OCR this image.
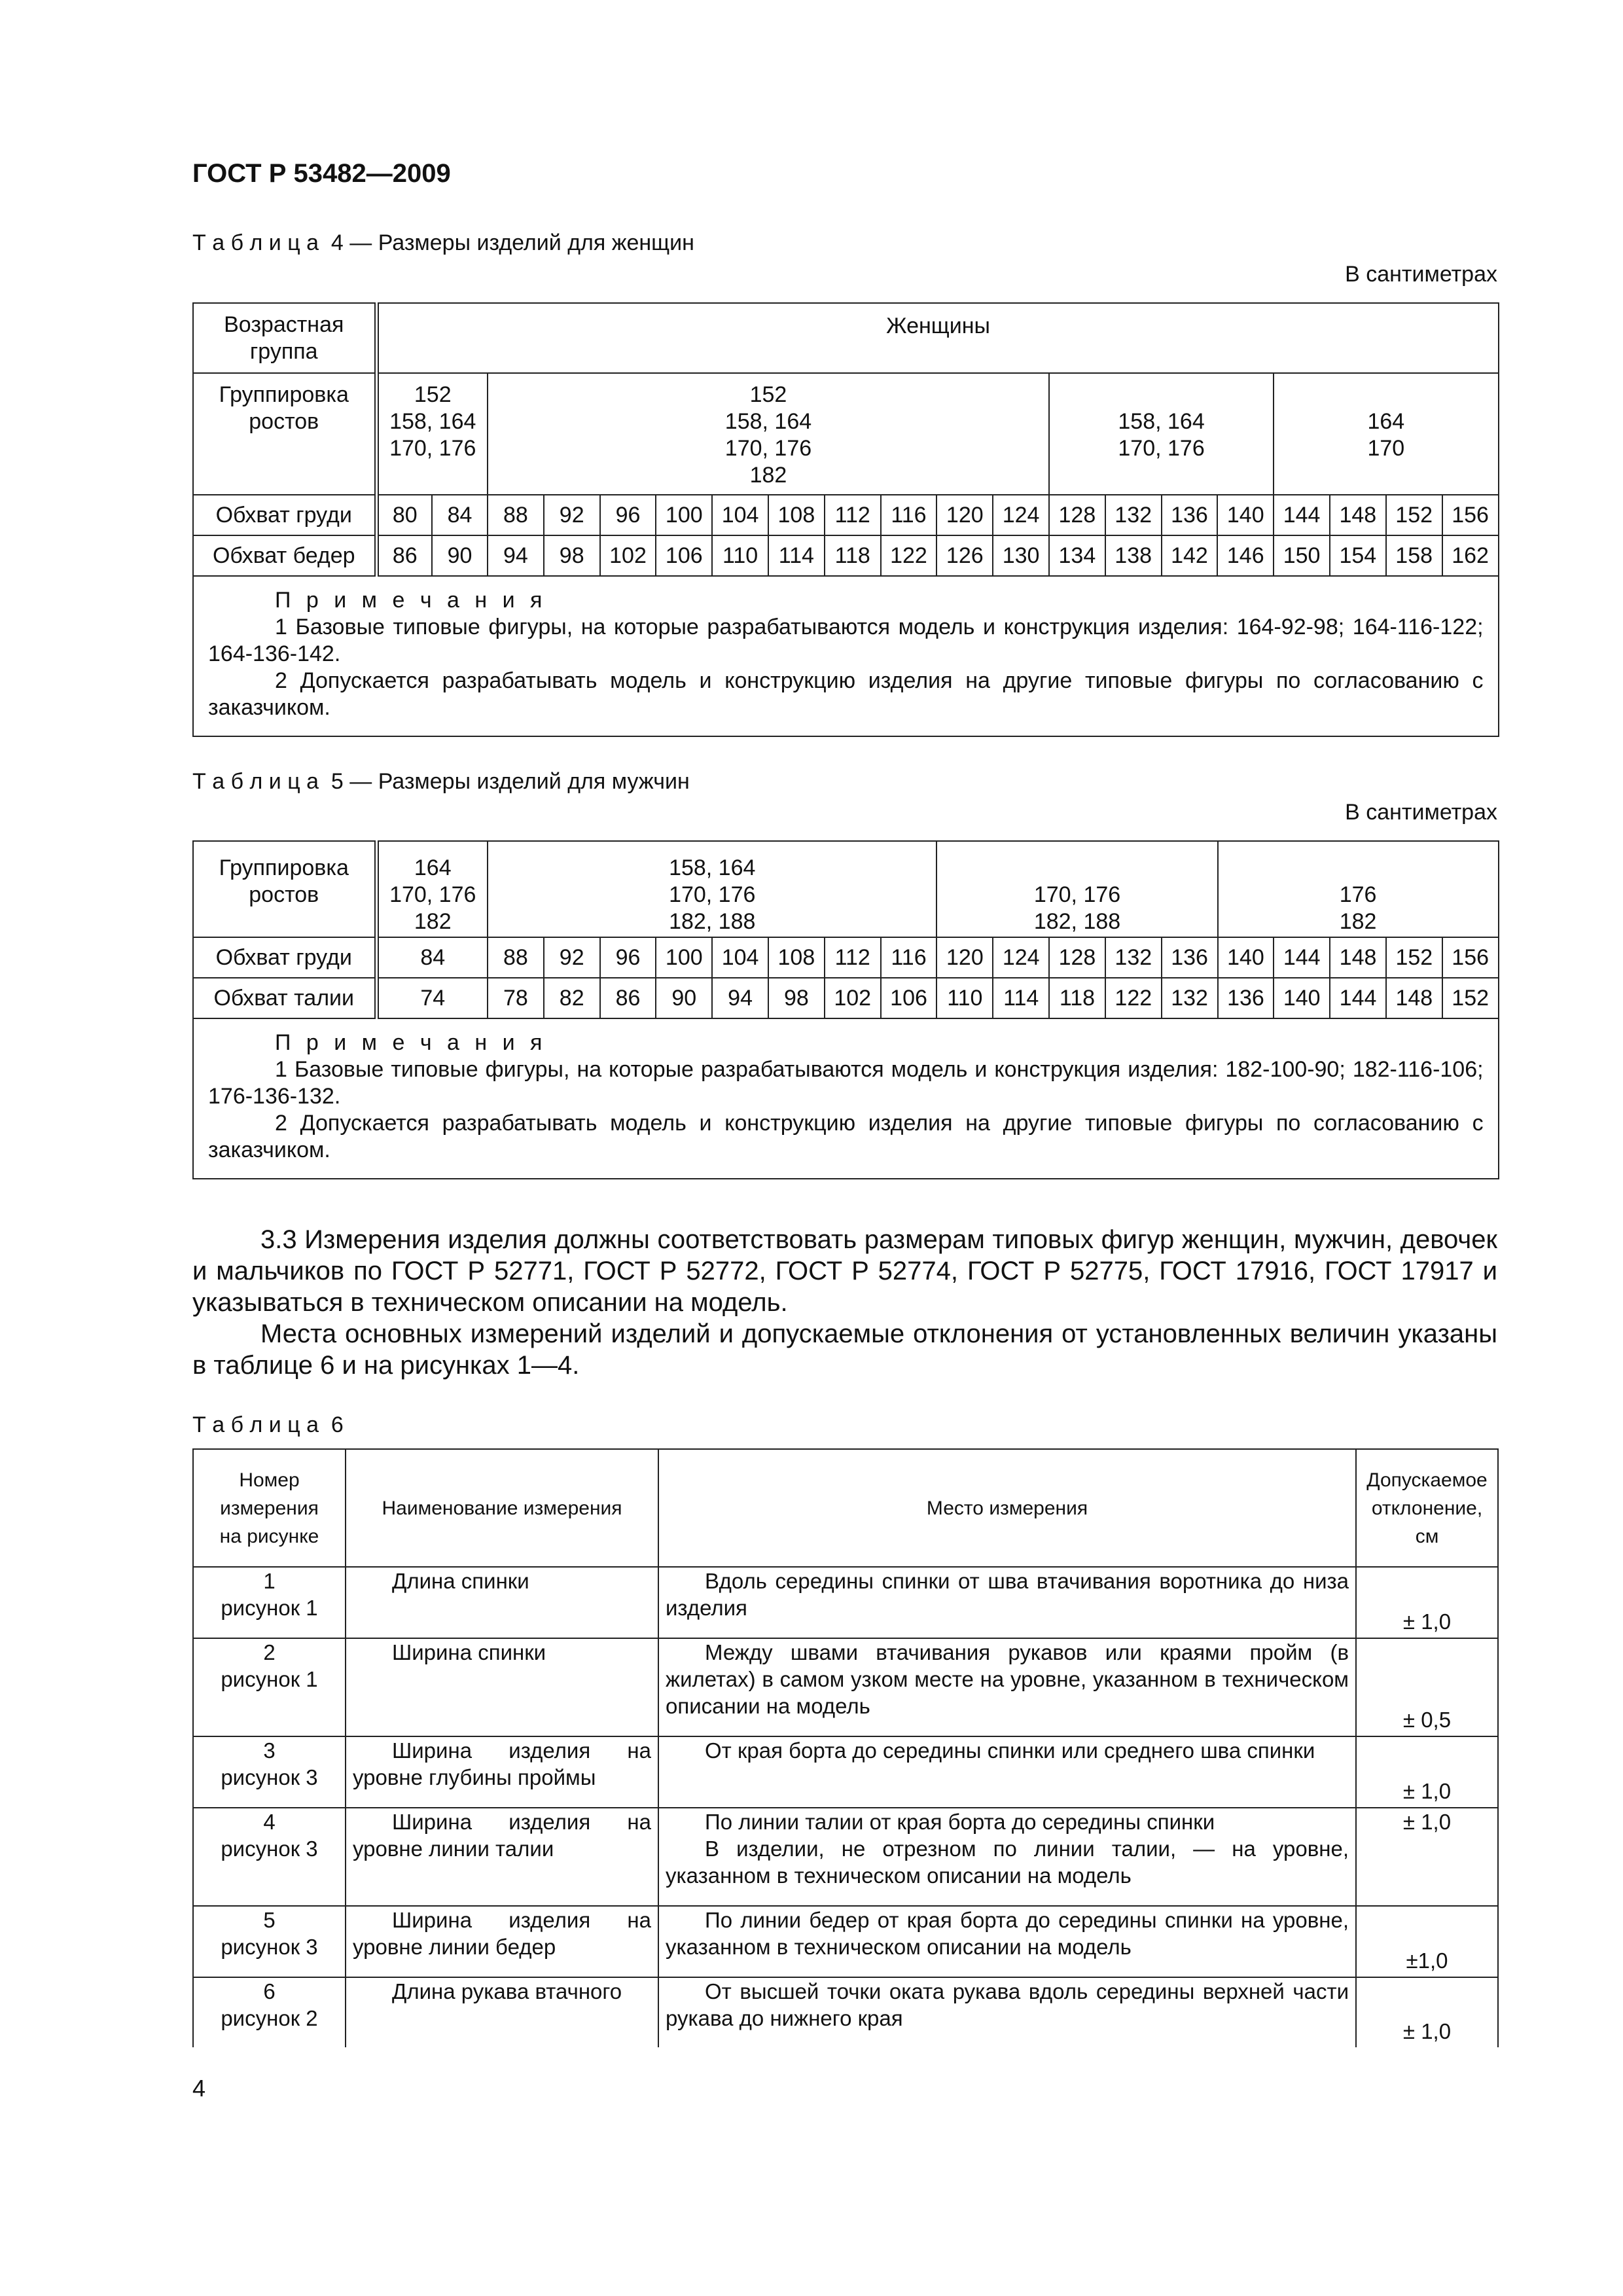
ГОСТ Р 53482—2009
Т а б л и ц а  4 — Размеры изделий для женщин
В сантиметрах
Возрастная группа	Женщины																			
Группировка ростов	152
158, 164
170, 176		152
158, 164
170, 176
182										158, 164
170, 176				164
170			

Обхват груди	80	84	88	92	96	100	104	108	112	116	120	124	128	132	136	140	144	148	152	156
Обхват бедер	86	90	94	98	102	106	110	114	118	122	126	130	134	138	142	146	150	154	158	162

П р и м е ч а н и я
1 Базовые типовые фигуры, на которые разрабатываются модель и конструкция изделия: 164-92-98; 164-116-122; 164-136-142.
2 Допускается разрабатывать модель и конструкцию изделия на другие типовые фигуры по согласованию с заказчиком.																				
Т а б л и ц а  5 — Размеры изделий для мужчин
В сантиметрах
Группировка ростов	164
170, 176
182	158, 164
170, 176
182, 188								170, 176
182, 188					176
182				

Обхват груди	84	88	92	96	100	104	108	112	116	120	124	128	132	136	140	144	148	152	156
Обхват талии	74	78	82	86	90	94	98	102	106	110	114	118	122	132	136	140	144	148	152

П р и м е ч а н и я
1 Базовые типовые фигуры, на которые разрабатываются модель и конструкция изделия: 182-100-90; 182-116-106; 176-136-132.
2 Допускается разрабатывать модель и конструкцию изделия на другие типовые фигуры по согласованию с заказчиком.																			

3.3 Измерения изделия должны соответствовать размерам типовых фигур женщин, мужчин, девочек и мальчиков по ГОСТ Р 52771, ГОСТ Р 52772, ГОСТ Р 52774, ГОСТ Р 52775, ГОСТ 17916, ГОСТ 17917 и указываться в техническом описании на модель.

Места основных измерений изделий и допускаемые отклонения от установленных величин указаны в таблице 6 и на рисунках 1—4.

Т а б л и ц а  6
Номер
измерения
на рисунке	Наименование измерения	Место измерения	Допускаемое
отклонение,
см

1
рисунок 1	Длина спинки	Вдоль середины спинки от шва втачивания воротника до низа изделия	± 1,0

2
рисунок 1	Ширина спинки	Между швами втачивания рукавов или краями пройм (в жилетах) в самом узком месте на уровне, указанном в техническом описании на модель	± 0,5

3
рисунок 3	Ширина изделия на уровне глубины проймы	От края борта до середины спинки или среднего шва спинки	± 1,0

4
рисунок 3	Ширина изделия на уровне линии талии	По линии талии от края борта до середины спинки
В изделии, не отрезном по линии талии, — на уровне, указанном в техническом описании на модель	± 1,0

5
рисунок 3	Ширина изделия на уровне линии бедер	По линии бедер от края борта до середины спинки на уровне, указанном в техническом описании на модель	±1,0

6
рисунок 2	Длина рукава втачного	От высшей точки оката рукава вдоль середины верхней части рукава до нижнего края	± 1,0
4
